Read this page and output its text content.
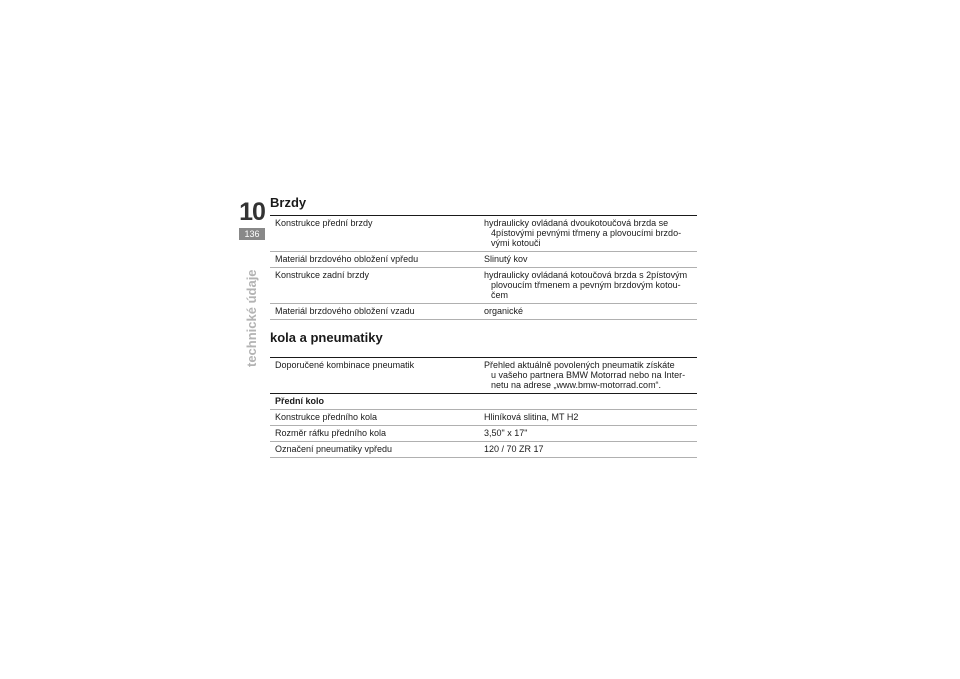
10
136
technické údaje
Brzdy
Konstrukce přední brzdy	hydraulicky ovládaná dvoukotoučová brzda se
4pístovými pevnými třmeny a plovoucími brzdo-
vými kotouči
Materiál brzdového obložení vpředu	Slinutý kov
Konstrukce zadní brzdy	hydraulicky ovládaná kotoučová brzda s 2pístovým
plovoucím třmenem a pevným brzdovým kotou-
čem
Materiál brzdového obložení vzadu	organické
kola a pneumatiky
Doporučené kombinace pneumatik	Přehled aktuálně povolených pneumatik získáte
u vašeho partnera BMW Motorrad nebo na Inter-
netu na adrese „www.bmw-motorrad.com“.
Přední kolo
Konstrukce předního kola	Hliníková slitina, MT H2
Rozměr ráfku předního kola	3,50" x 17"
Označení pneumatiky vpředu	120 / 70 ZR 17
